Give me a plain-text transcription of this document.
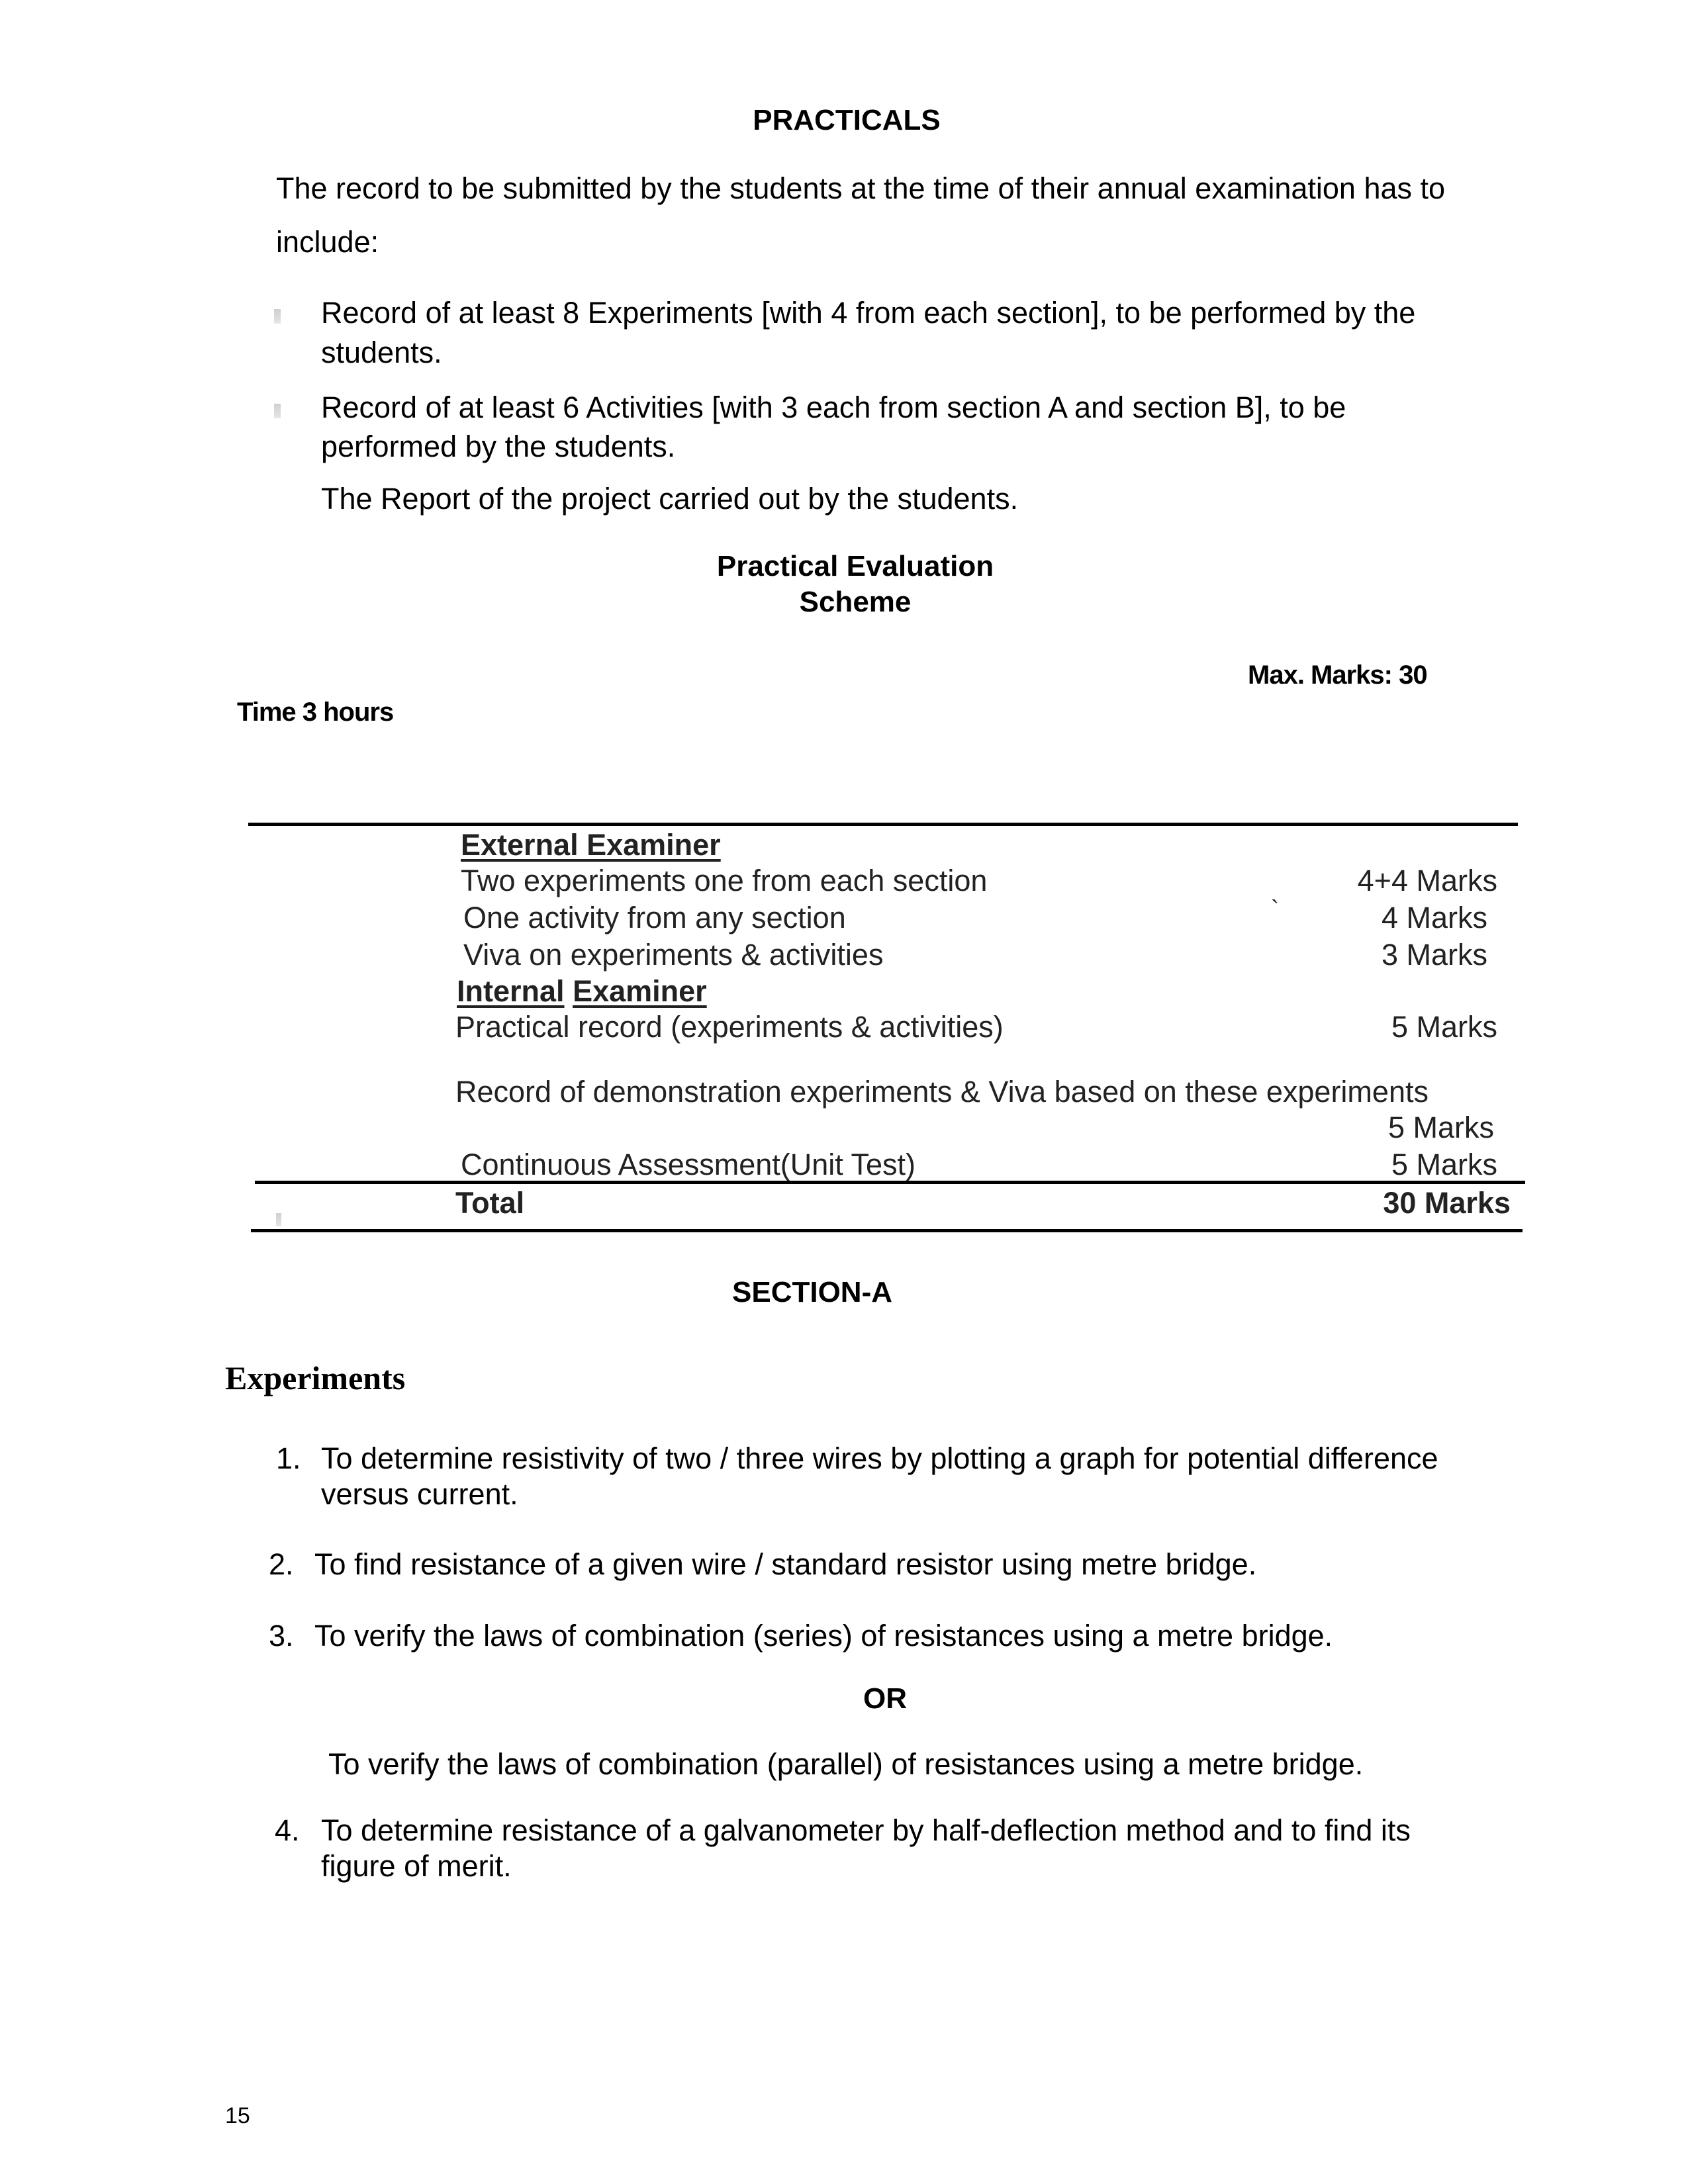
PRACTICALS
The record to be submitted by the students at the time of their annual examination has to
include:
Record of at least 8 Experiments [with 4 from each section], to be performed by the
students.
Record of at least 6 Activities [with 3 each from section A and section B], to be
performed by the students.
The Report of the project carried out by the students.
Practical Evaluation
Scheme
Max. Marks: 30
Time 3 hours
External Examiner
Two experiments one from each section	4+4 Marks
One activity from any section	`	4 Marks
Viva on experiments & activities	3 Marks
Internal Examiner
Practical record (experiments & activities)	5 Marks
Record of demonstration experiments & Viva based on these experiments
5 Marks
Continuous Assessment(Unit Test)	5 Marks
Total	30 Marks
SECTION-A
Experiments
1. To determine resistivity of two / three wires by plotting a graph for potential difference
versus current.
2. To find resistance of a given wire / standard resistor using metre bridge.
3. To verify the laws of combination (series) of resistances using a metre bridge.
OR
To verify the laws of combination (parallel) of resistances using a metre bridge.
4. To determine resistance of a galvanometer by half-deflection method and to find its
figure of merit.
15
